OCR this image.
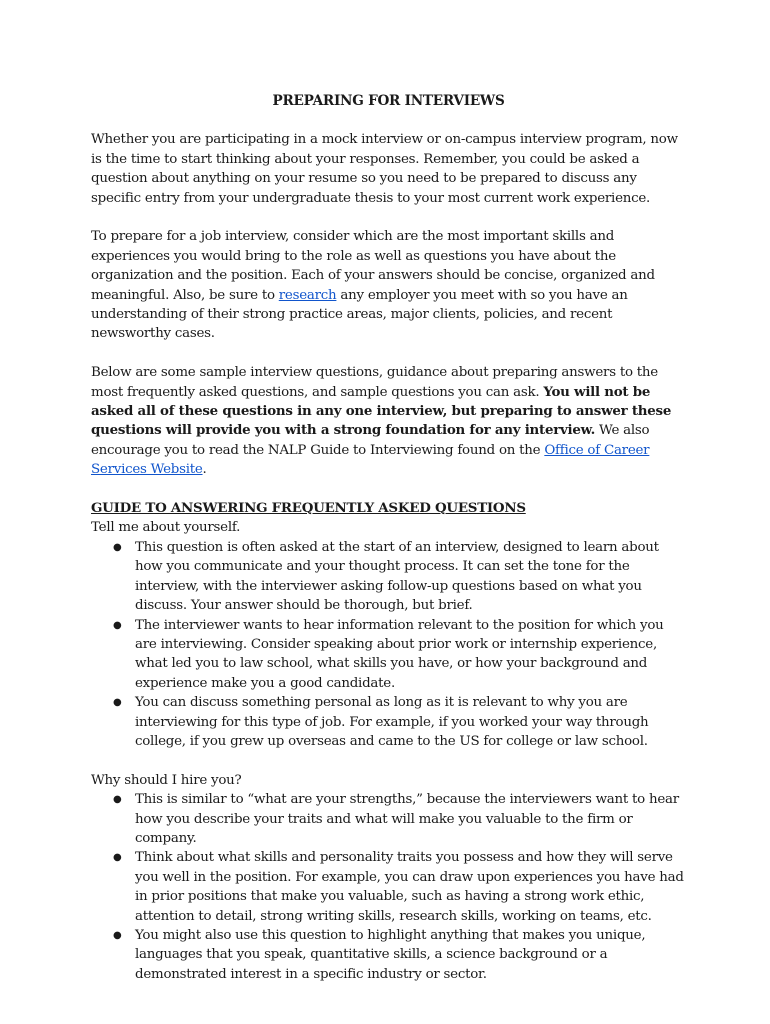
PREPARING FOR INTERVIEWS

Whether you are participating in a mock interview or on-campus interview program, now is the time to start thinking about your responses. Remember, you could be asked a question about anything on your resume so you need to be prepared to discuss any specific entry from your undergraduate thesis to your most current work experience.

To prepare for a job interview, consider which are the most important skills and experiences you would bring to the role as well as questions you have about the organization and the position. Each of your answers should be concise, organized and meaningful. Also, be sure to research any employer you meet with so you have an understanding of their strong practice areas, major clients, policies, and recent newsworthy cases.

Below are some sample interview questions, guidance about preparing answers to the most frequently asked questions, and sample questions you can ask. You will not be asked all of these questions in any one interview, but preparing to answer these questions will provide you with a strong foundation for any interview. We also encourage you to read the NALP Guide to Interviewing found on the Office of Career Services Website.

GUIDE TO ANSWERING FREQUENTLY ASKED QUESTIONS
Tell me about yourself.
● This question is often asked at the start of an interview, designed to learn about how you communicate and your thought process. It can set the tone for the interview, with the interviewer asking follow-up questions based on what you discuss. Your answer should be thorough, but brief.
● The interviewer wants to hear information relevant to the position for which you are interviewing. Consider speaking about prior work or internship experience, what led you to law school, what skills you have, or how your background and experience make you a good candidate.
● You can discuss something personal as long as it is relevant to why you are interviewing for this type of job. For example, if you worked your way through college, if you grew up overseas and came to the US for college or law school.
Why should I hire you?
● This is similar to “what are your strengths,” because the interviewers want to hear how you describe your traits and what will make you valuable to the firm or company.
● Think about what skills and personality traits you possess and how they will serve you well in the position. For example, you can draw upon experiences you have had in prior positions that make you valuable, such as having a strong work ethic, attention to detail, strong writing skills, research skills, working on teams, etc.
● You might also use this question to highlight anything that makes you unique, languages that you speak, quantitative skills, a science background or a demonstrated interest in a specific industry or sector.
